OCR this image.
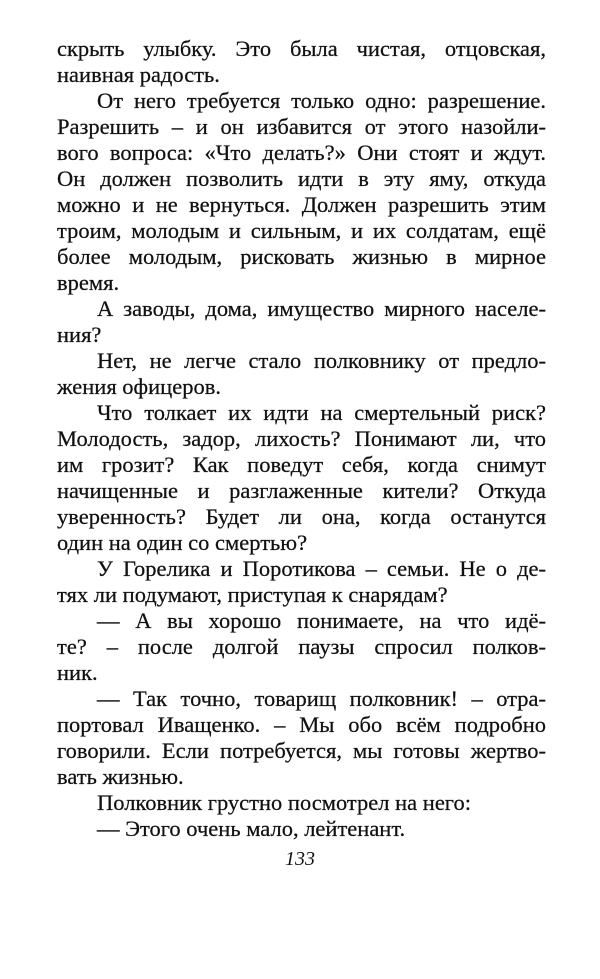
скрыть улыбку. Это была чистая, отцовская,
наивная радость.
От него требуется только одно: разрешение.
Разрешить – и он избавится от этого назойли-
вого вопроса: «Что делать?» Они стоят и ждут.
Он должен позволить идти в эту яму, откуда
можно и не вернуться. Должен разрешить этим
троим, молодым и сильным, и их солдатам, ещё
более молодым, рисковать жизнью в мирное
время.
А заводы, дома, имущество мирного населе-
ния?
Нет, не легче стало полковнику от предло-
жения офицеров.
Что толкает их идти на смертельный риск?
Молодость, задор, лихость? Понимают ли, что
им грозит? Как поведут себя, когда снимут
начищенные и разглаженные кители? Откуда
уверенность? Будет ли она, когда останутся
один на один со смертью?
У Горелика и Поротикова – семьи. Не о де-
тях ли подумают, приступая к снарядам?
— А вы хорошо понимаете, на что идё-
те? – после долгой паузы спросил полков-
ник.
— Так точно, товарищ полковник! – отра-
портовал Иващенко. – Мы обо всём подробно
говорили. Если потребуется, мы готовы жертво-
вать жизнью.
Полковник грустно посмотрел на него:
— Этого очень мало, лейтенант.
133
